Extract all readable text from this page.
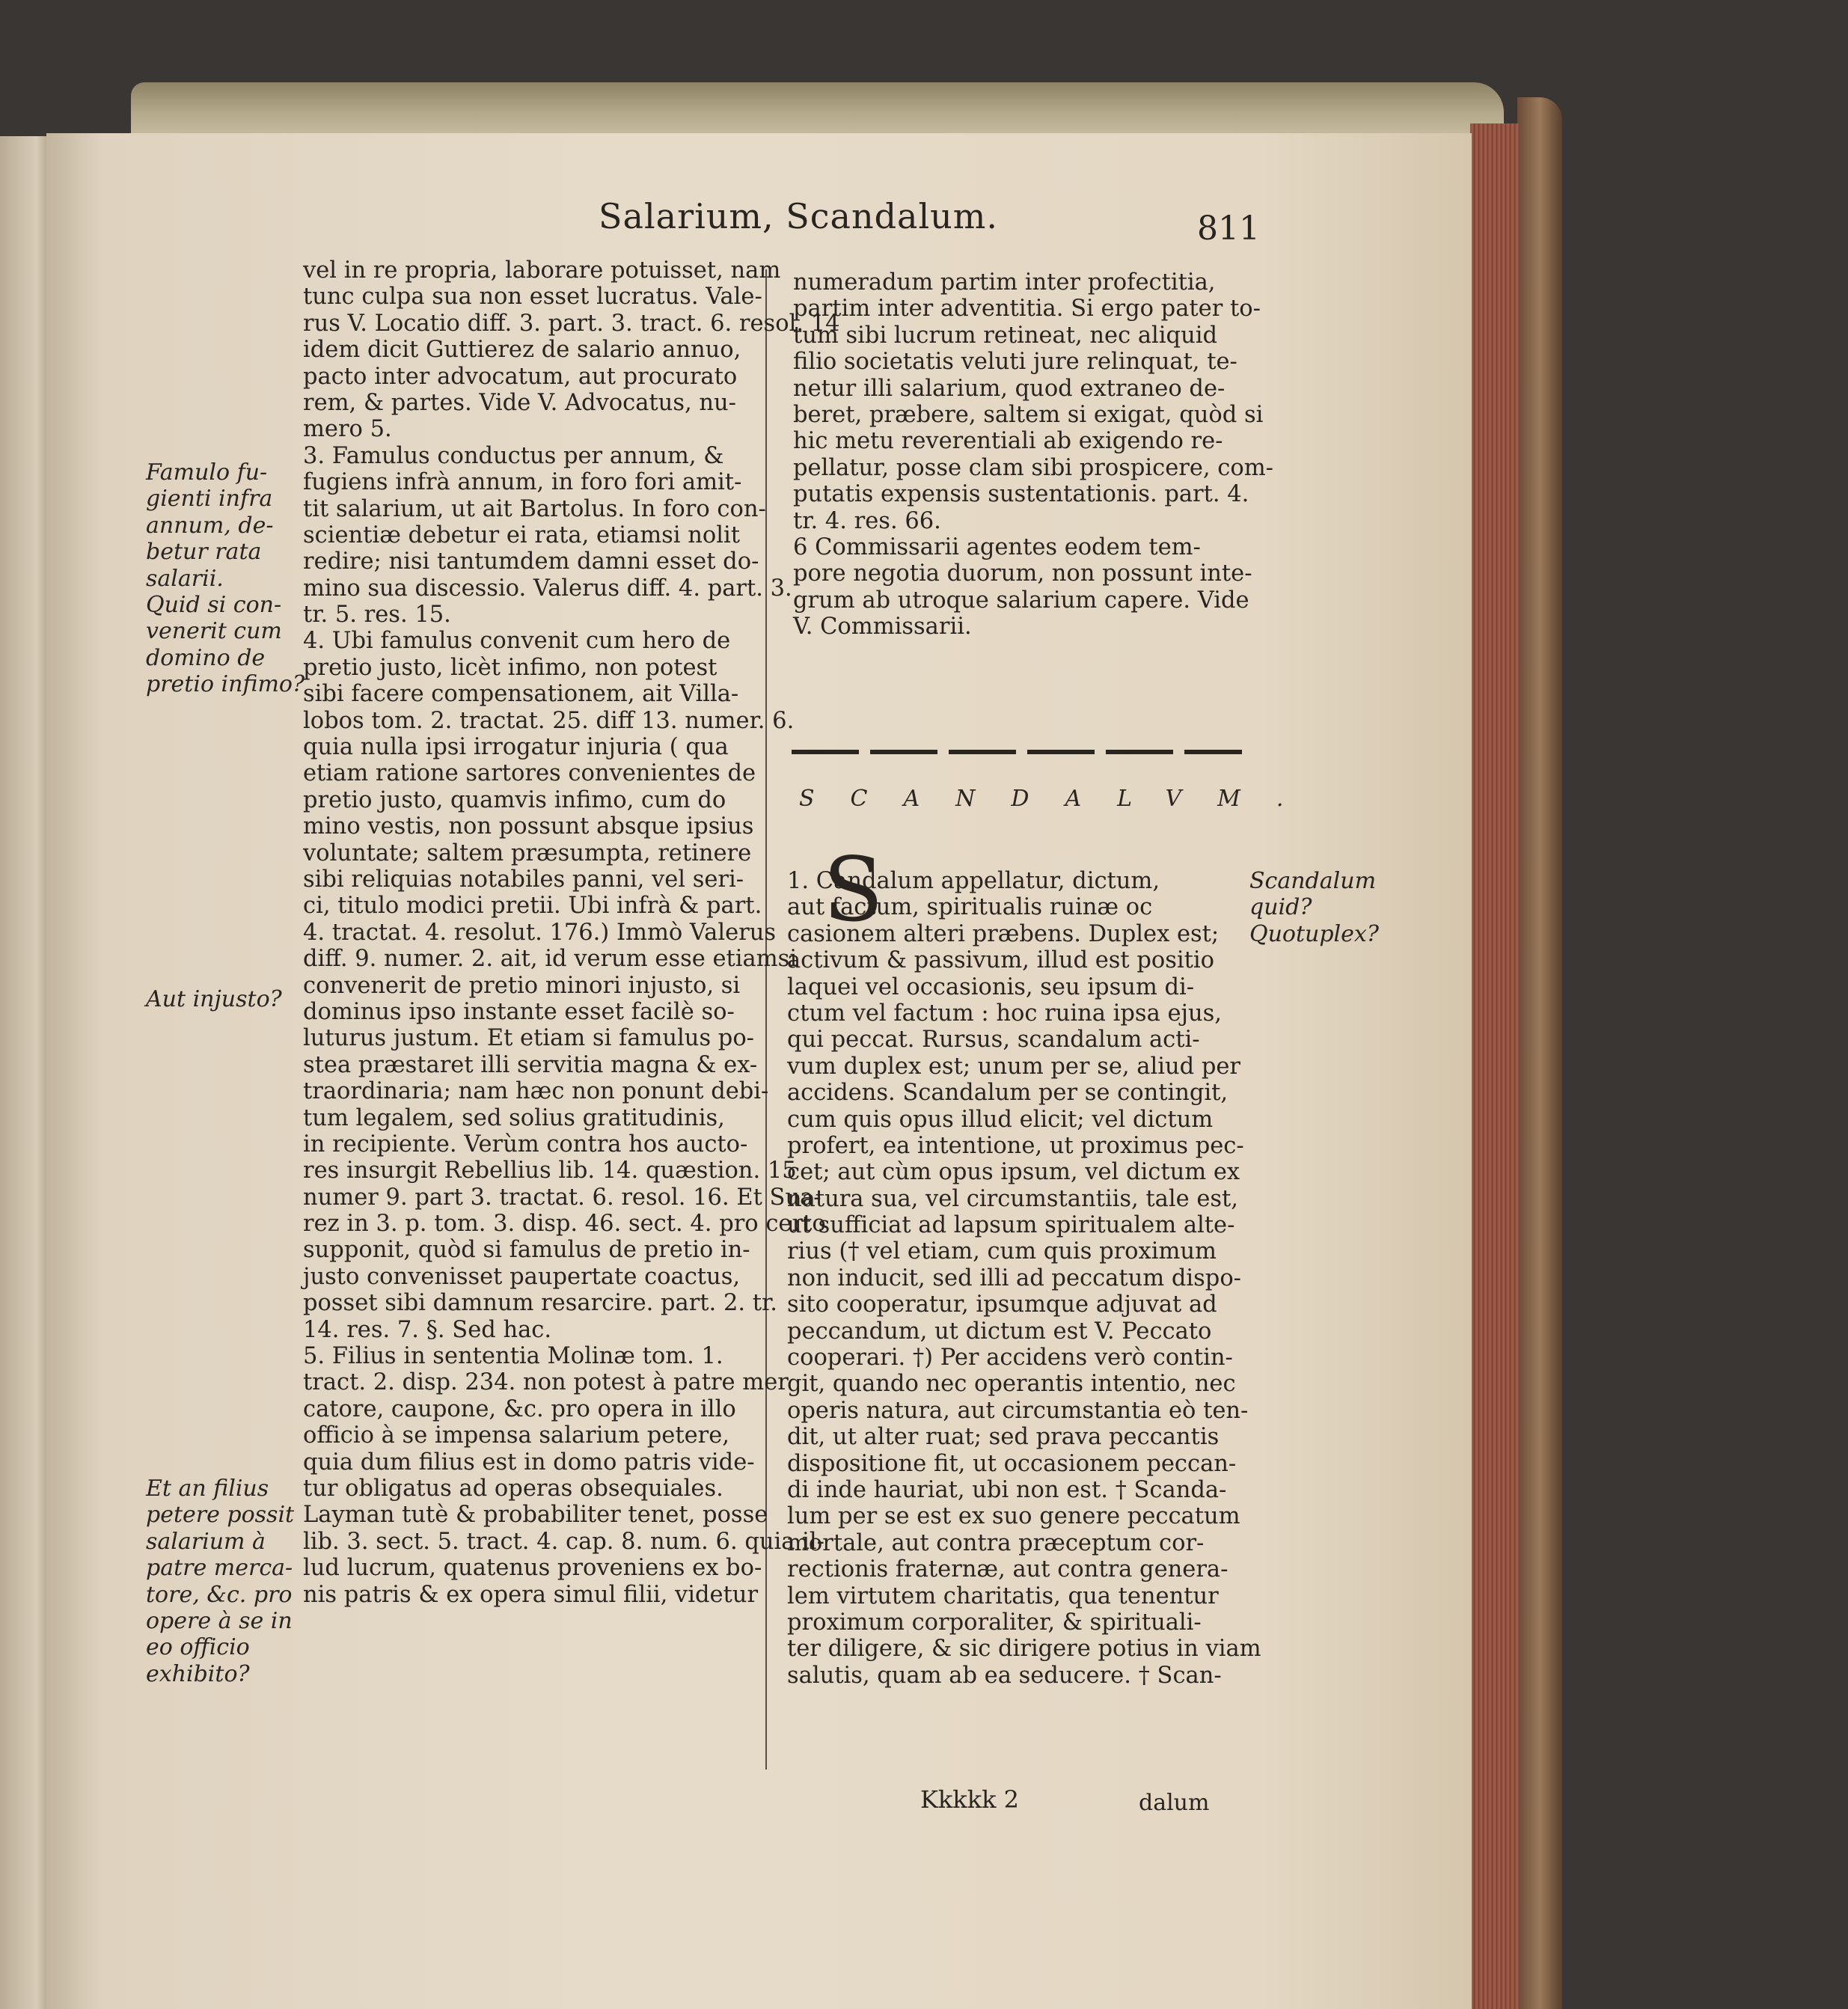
Salarium, Scandalum.	811
vel in re propria, laborare potuisset, nam
tunc culpa sua non esset lucratus. Vale-
rus V. Locatio diff. 3. part. 3. tract. 6. resol. 14
idem dicit Guttierez de salario annuo,
pacto inter advocatum, aut procurato
rem, & partes. Vide V. Advocatus, nu-
mero 5.
3. Famulus conductus per annum, &
fugiens infrà annum, in foro fori amit-
tit salarium, ut ait Bartolus. In foro con-
scientiæ debetur ei rata, etiamsi nolit
redire; nisi tantumdem damni esset do-
mino sua discessio. Valerus diff. 4. part. 3.
tr. 5. res. 15.
4. Ubi famulus convenit cum hero de
pretio justo, licèt infimo, non potest
sibi facere compensationem, ait Villa-
lobos tom. 2. tractat. 25. diff 13. numer. 6.
quia nulla ipsi irrogatur injuria ( qua
etiam ratione sartores convenientes de
pretio justo, quamvis infimo, cum do
mino vestis, non possunt absque ipsius
voluntate; saltem præsumpta, retinere
sibi reliquias notabiles panni, vel seri-
ci, titulo modici pretii. Ubi infrà & part.
4. tractat. 4. resolut. 176.) Immò Valerus
diff. 9. numer. 2. ait, id verum esse etiamsi
convenerit de pretio minori injusto, si
dominus ipso instante esset facilè so-
luturus justum. Et etiam si famulus po-
stea præstaret illi servitia magna & ex-
traordinaria; nam hæc non ponunt debi-
tum legalem, sed solius gratitudinis,
in recipiente. Verùm contra hos aucto-
res insurgit Rebellius lib. 14. quæstion. 15
numer 9. part 3. tractat. 6. resol. 16. Et Sua-
rez in 3. p. tom. 3. disp. 46. sect. 4. pro certo
supponit, quòd si famulus de pretio in-
justo convenisset paupertate coactus,
posset sibi damnum resarcire. part. 2. tr.
14. res. 7. §. Sed hac.
5. Filius in sententia Molinæ tom. 1.
tract. 2. disp. 234. non potest à patre mer
catore, caupone, &c. pro opera in illo
officio à se impensa salarium petere,
quia dum filius est in domo patris vide-
tur obligatus ad operas obsequiales.
Layman tutè & probabiliter tenet, posse
lib. 3. sect. 5. tract. 4. cap. 8. num. 6. quia il-
lud lucrum, quatenus proveniens ex bo-
nis patris & ex opera simul filii, videtur
numeradum partim inter profectitia,
partim inter adventitia. Si ergo pater to-
tum sibi lucrum retineat, nec aliquid
filio societatis veluti jure relinquat, te-
netur illi salarium, quod extraneo de-
beret, præbere, saltem si exigat, quòd si
hic metu reverentiali ab exigendo re-
pellatur, posse clam sibi prospicere, com-
putatis expensis sustentationis. part. 4.
tr. 4. res. 66.
6 Commissarii agentes eodem tem-
pore negotia duorum, non possunt inte-
grum ab utroque salarium capere. Vide
V. Commissarii.
SCANDALVM.
S
1. Candalum appellatur, dictum,
aut factum, spiritualis ruinæ oc
casionem alteri præbens. Duplex est;
activum & passivum, illud est positio
laquei vel occasionis, seu ipsum di-
ctum vel factum : hoc ruina ipsa ejus,
qui peccat. Rursus, scandalum acti-
vum duplex est; unum per se, aliud per
accidens. Scandalum per se contingit,
cum quis opus illud elicit; vel dictum
profert, ea intentione, ut proximus pec-
cet; aut cùm opus ipsum, vel dictum ex
natura sua, vel circumstantiis, tale est,
ut sufficiat ad lapsum spiritualem alte-
rius († vel etiam, cum quis proximum
non inducit, sed illi ad peccatum dispo-
sito cooperatur, ipsumque adjuvat ad
peccandum, ut dictum est V. Peccato
cooperari. †) Per accidens verò contin-
git, quando nec operantis intentio, nec
operis natura, aut circumstantia eò ten-
dit, ut alter ruat; sed prava peccantis
dispositione fit, ut occasionem peccan-
di inde hauriat, ubi non est. † Scanda-
lum per se est ex suo genere peccatum
mortale, aut contra præceptum cor-
rectionis fraternæ, aut contra genera-
lem virtutem charitatis, qua tenentur
proximum corporaliter, & spirituali-
ter diligere, & sic dirigere potius in viam
salutis, quam ab ea seducere. † Scan-
Famulo fu-
gienti infra
annum, de-
betur rata
salarii.
Quid si con-
venerit cum
domino de
pretio infimo?
Aut injusto?
Et an filius
petere possit
salarium à
patre merca-
tore, &c. pro
opere à se in
eo officio
exhibito?
Scandalum
quid?
Quotuplex?
Kkkkk 2	dalum
